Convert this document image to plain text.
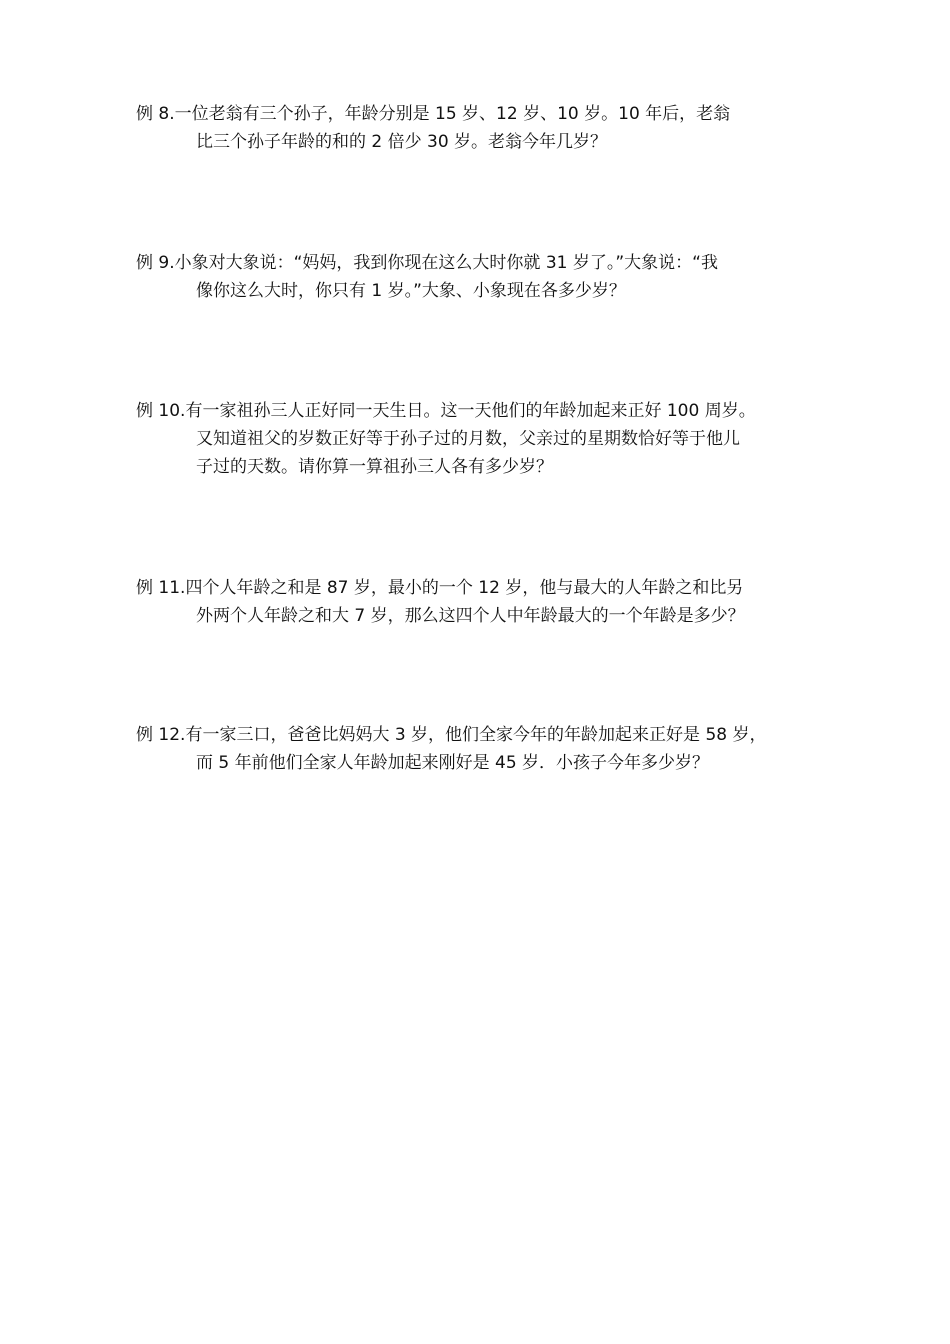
例 8.一位老翁有三个孙子，年龄分别是 15 岁、12 岁、10 岁。10 年后，老翁
比三个孙子年龄的和的 2 倍少 30 岁。老翁今年几岁？
例 9.小象对大象说：“妈妈，我到你现在这么大时你就 31 岁了。”大象说：“我
像你这么大时，你只有 1 岁。”大象、小象现在各多少岁？
例 10.有一家祖孙三人正好同一天生日。这一天他们的年龄加起来正好 100 周岁。
又知道祖父的岁数正好等于孙子过的月数，父亲过的星期数恰好等于他儿
子过的天数。请你算一算祖孙三人各有多少岁？
例 11.四个人年龄之和是 87 岁，最小的一个 12 岁，他与最大的人年龄之和比另
外两个人年龄之和大 7 岁，那么这四个人中年龄最大的一个年龄是多少？
例 12.有一家三口，爸爸比妈妈大 3 岁，他们全家今年的年龄加起来正好是 58 岁，
而 5 年前他们全家人年龄加起来刚好是 45 岁．小孩子今年多少岁？
